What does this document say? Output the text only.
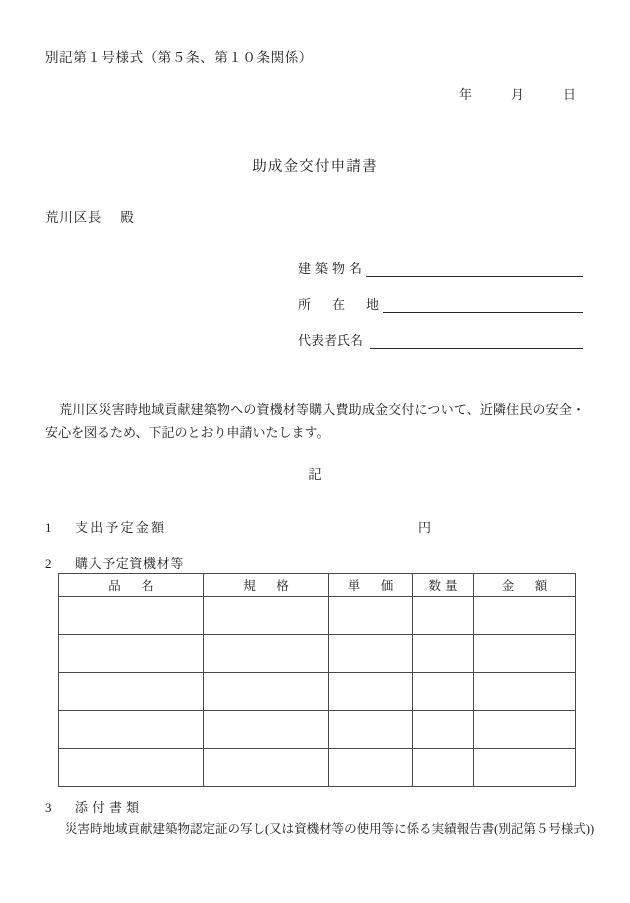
別記第１号様式（第５条、第１０条関係）
年	月	日
助成金交付申請書
荒川区長 殿
建築物名
所　在　地
代表者氏名
荒川区災害時地域貢献建築物への資機材等購入費助成金交付について、近隣住民の安全・安心を図るため、下記のとおり申請いたします。
記
1 支出予定金額	円
2 購入予定資機材等
品　名	規　格	単　価	数量	金　額

3 添付書類
災害時地域貢献建築物認定証の写し(又は資機材等の使用等に係る実績報告書(別記第５号様式))
